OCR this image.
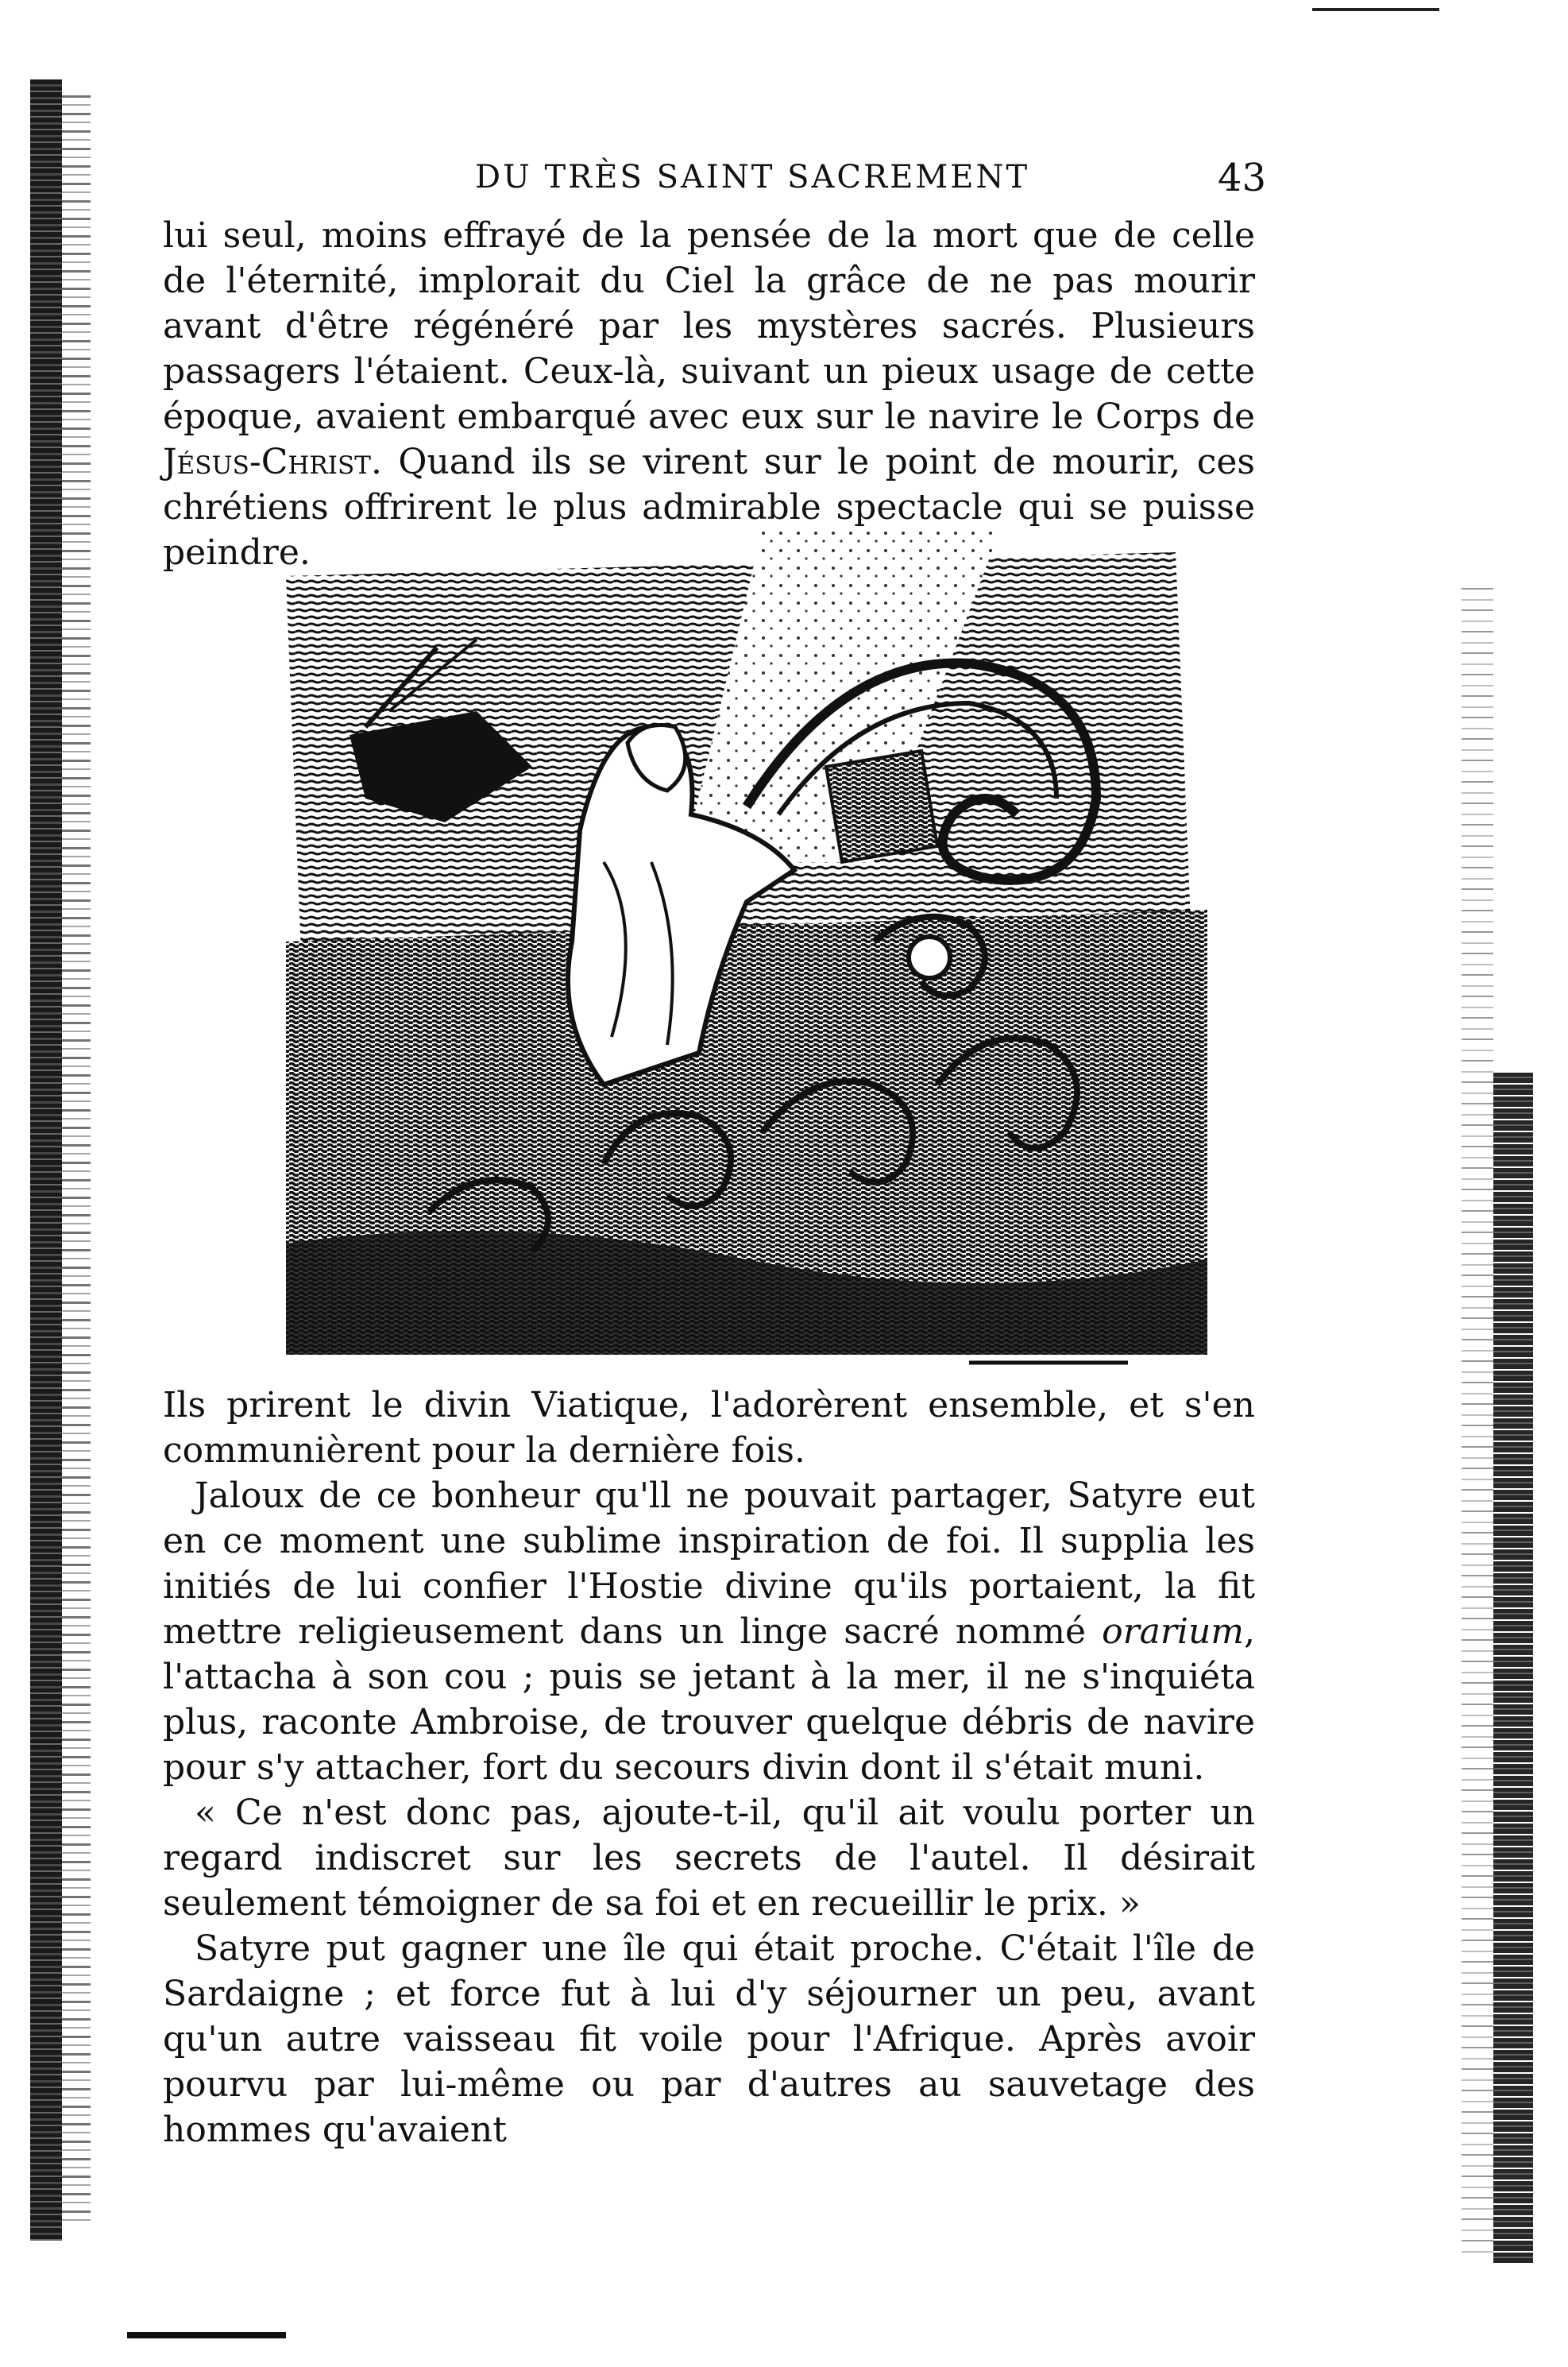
DU TRÈS SAINT SACREMENT	43

lui seul, moins effrayé de la pensée de la mort que de celle de l'éternité, implorait du Ciel la grâce de ne pas mourir avant d'être régénéré par les mystères sacrés. Plusieurs passagers l'étaient. Ceux-là, suivant un pieux usage de cette époque, avaient embarqué avec eux sur le navire le Corps de Jésus-Christ. Quand ils se virent sur le point de mourir, ces chrétiens offrirent le plus admirable spectacle qui se puisse peindre.

Ils prirent le divin Viatique, l'adorèrent ensemble, et s'en communièrent pour la dernière fois.

Jaloux de ce bonheur qu'll ne pouvait partager, Satyre eut en ce moment une sublime inspiration de foi. Il supplia les initiés de lui confier l'Hostie divine qu'ils portaient, la fit mettre religieusement dans un linge sacré nommé orarium, l'attacha à son cou ; puis se jetant à la mer, il ne s'inquiéta plus, raconte Ambroise, de trouver quelque débris de navire pour s'y attacher, fort du secours divin dont il s'était muni.

« Ce n'est donc pas, ajoute-t-il, qu'il ait voulu porter un regard indiscret sur les secrets de l'autel. Il désirait seulement témoigner de sa foi et en recueillir le prix. »

Satyre put gagner une île qui était proche. C'était l'île de Sardaigne ; et force fut à lui d'y séjourner un peu, avant qu'un autre vaisseau fit voile pour l'Afrique. Après avoir pourvu par lui-même ou par d'autres au sauvetage des hommes qu'avaient
